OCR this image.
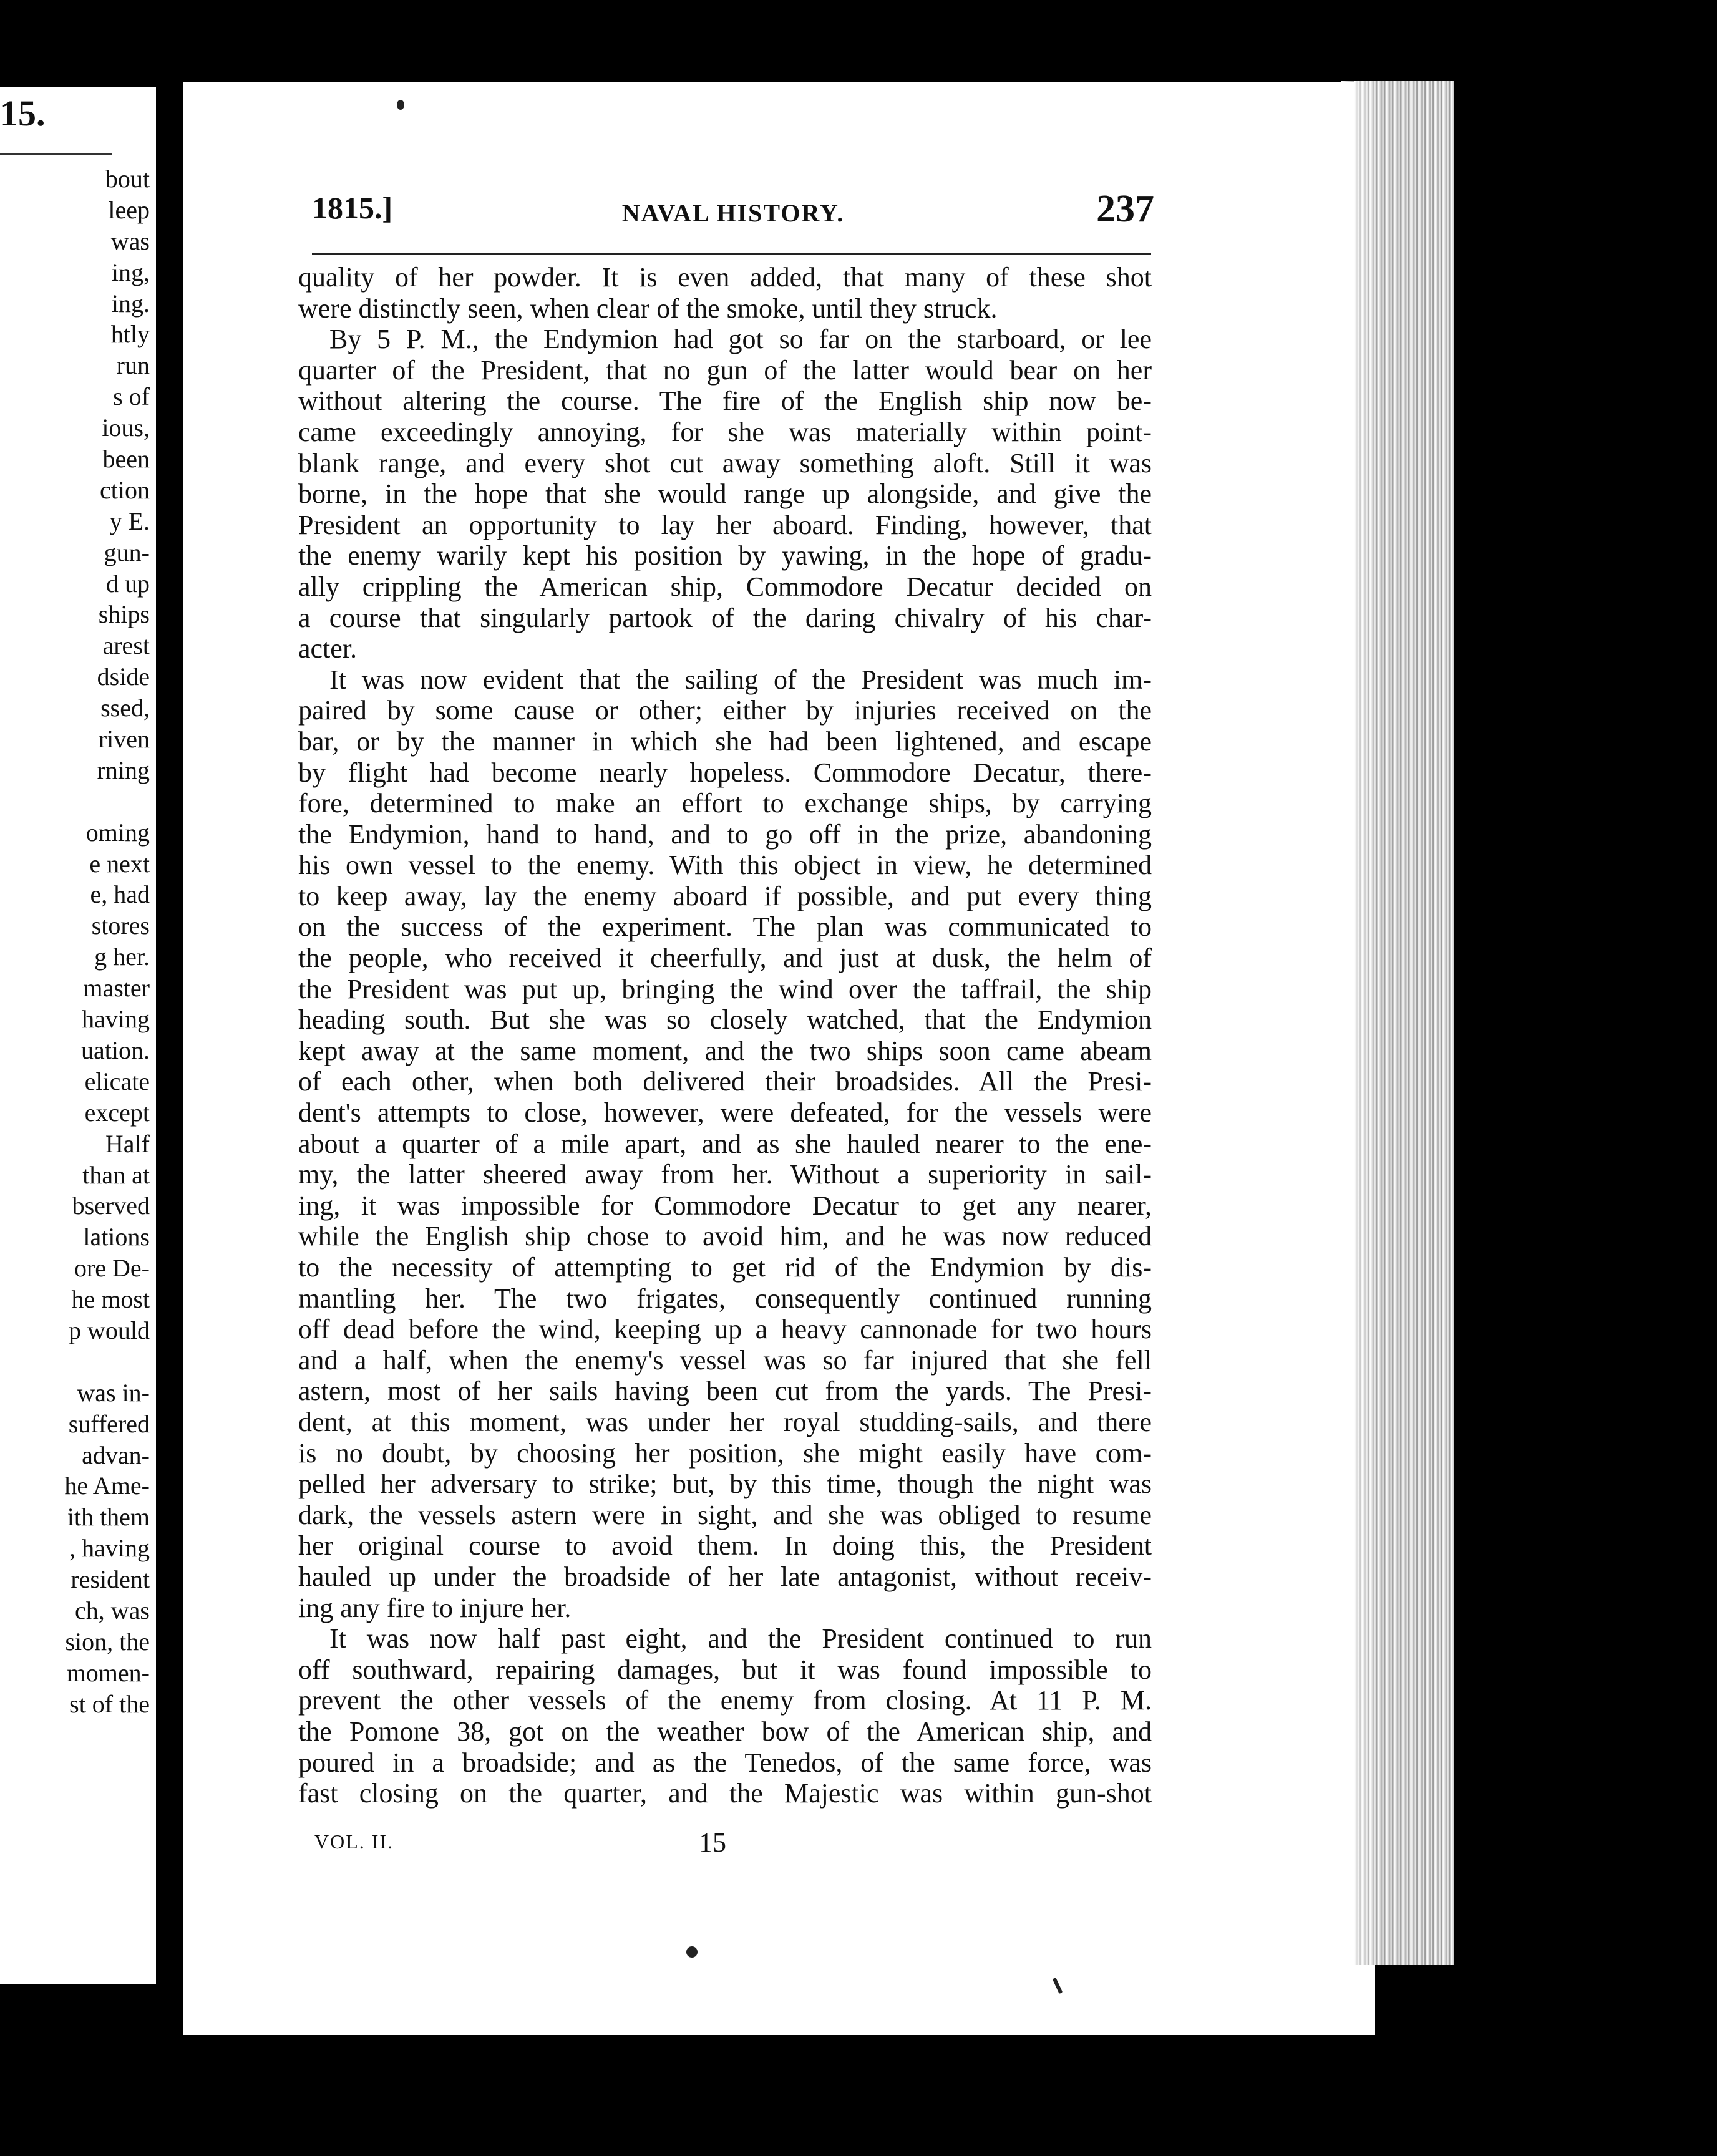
15.
bout
leep
was
ing,
ing.
htly
run
s of
ious,
been
ction
y E.
gun-
d up
ships
arest
dside
ssed,
riven
rning
oming
e next
e, had
stores
g her.
master
having
uation.
elicate
except
Half
than at
bserved
lations
ore De-
he most
p would
was in-
suffered
advan-
he Ame-
ith them
, having
resident
ch, was
sion, the
momen-
st of the
1815.]	NAVAL HISTORY.	237
quality of her powder. It is even added, that many of these shot
were distinctly seen, when clear of the smoke, until they struck.
By 5 P. M., the Endymion had got so far on the starboard, or lee
quarter of the President, that no gun of the latter would bear on her
without altering the course. The fire of the English ship now be-
came exceedingly annoying, for she was materially within point-
blank range, and every shot cut away something aloft. Still it was
borne, in the hope that she would range up alongside, and give the
President an opportunity to lay her aboard. Finding, however, that
the enemy warily kept his position by yawing, in the hope of gradu-
ally crippling the American ship, Commodore Decatur decided on
a course that singularly partook of the daring chivalry of his char-
acter.
It was now evident that the sailing of the President was much im-
paired by some cause or other; either by injuries received on the
bar, or by the manner in which she had been lightened, and escape
by flight had become nearly hopeless. Commodore Decatur, there-
fore, determined to make an effort to exchange ships, by carrying
the Endymion, hand to hand, and to go off in the prize, abandoning
his own vessel to the enemy. With this object in view, he determined
to keep away, lay the enemy aboard if possible, and put every thing
on the success of the experiment. The plan was communicated to
the people, who received it cheerfully, and just at dusk, the helm of
the President was put up, bringing the wind over the taffrail, the ship
heading south. But she was so closely watched, that the Endymion
kept away at the same moment, and the two ships soon came abeam
of each other, when both delivered their broadsides. All the Presi-
dent's attempts to close, however, were defeated, for the vessels were
about a quarter of a mile apart, and as she hauled nearer to the ene-
my, the latter sheered away from her. Without a superiority in sail-
ing, it was impossible for Commodore Decatur to get any nearer,
while the English ship chose to avoid him, and he was now reduced
to the necessity of attempting to get rid of the Endymion by dis-
mantling her. The two frigates, consequently continued running
off dead before the wind, keeping up a heavy cannonade for two hours
and a half, when the enemy's vessel was so far injured that she fell
astern, most of her sails having been cut from the yards. The Presi-
dent, at this moment, was under her royal studding-sails, and there
is no doubt, by choosing her position, she might easily have com-
pelled her adversary to strike; but, by this time, though the night was
dark, the vessels astern were in sight, and she was obliged to resume
her original course to avoid them. In doing this, the President
hauled up under the broadside of her late antagonist, without receiv-
ing any fire to injure her.
It was now half past eight, and the President continued to run
off southward, repairing damages, but it was found impossible to
prevent the other vessels of the enemy from closing. At 11 P. M.
the Pomone 38, got on the weather bow of the American ship, and
poured in a broadside; and as the Tenedos, of the same force, was
fast closing on the quarter, and the Majestic was within gun-shot
VOL. II.	15
